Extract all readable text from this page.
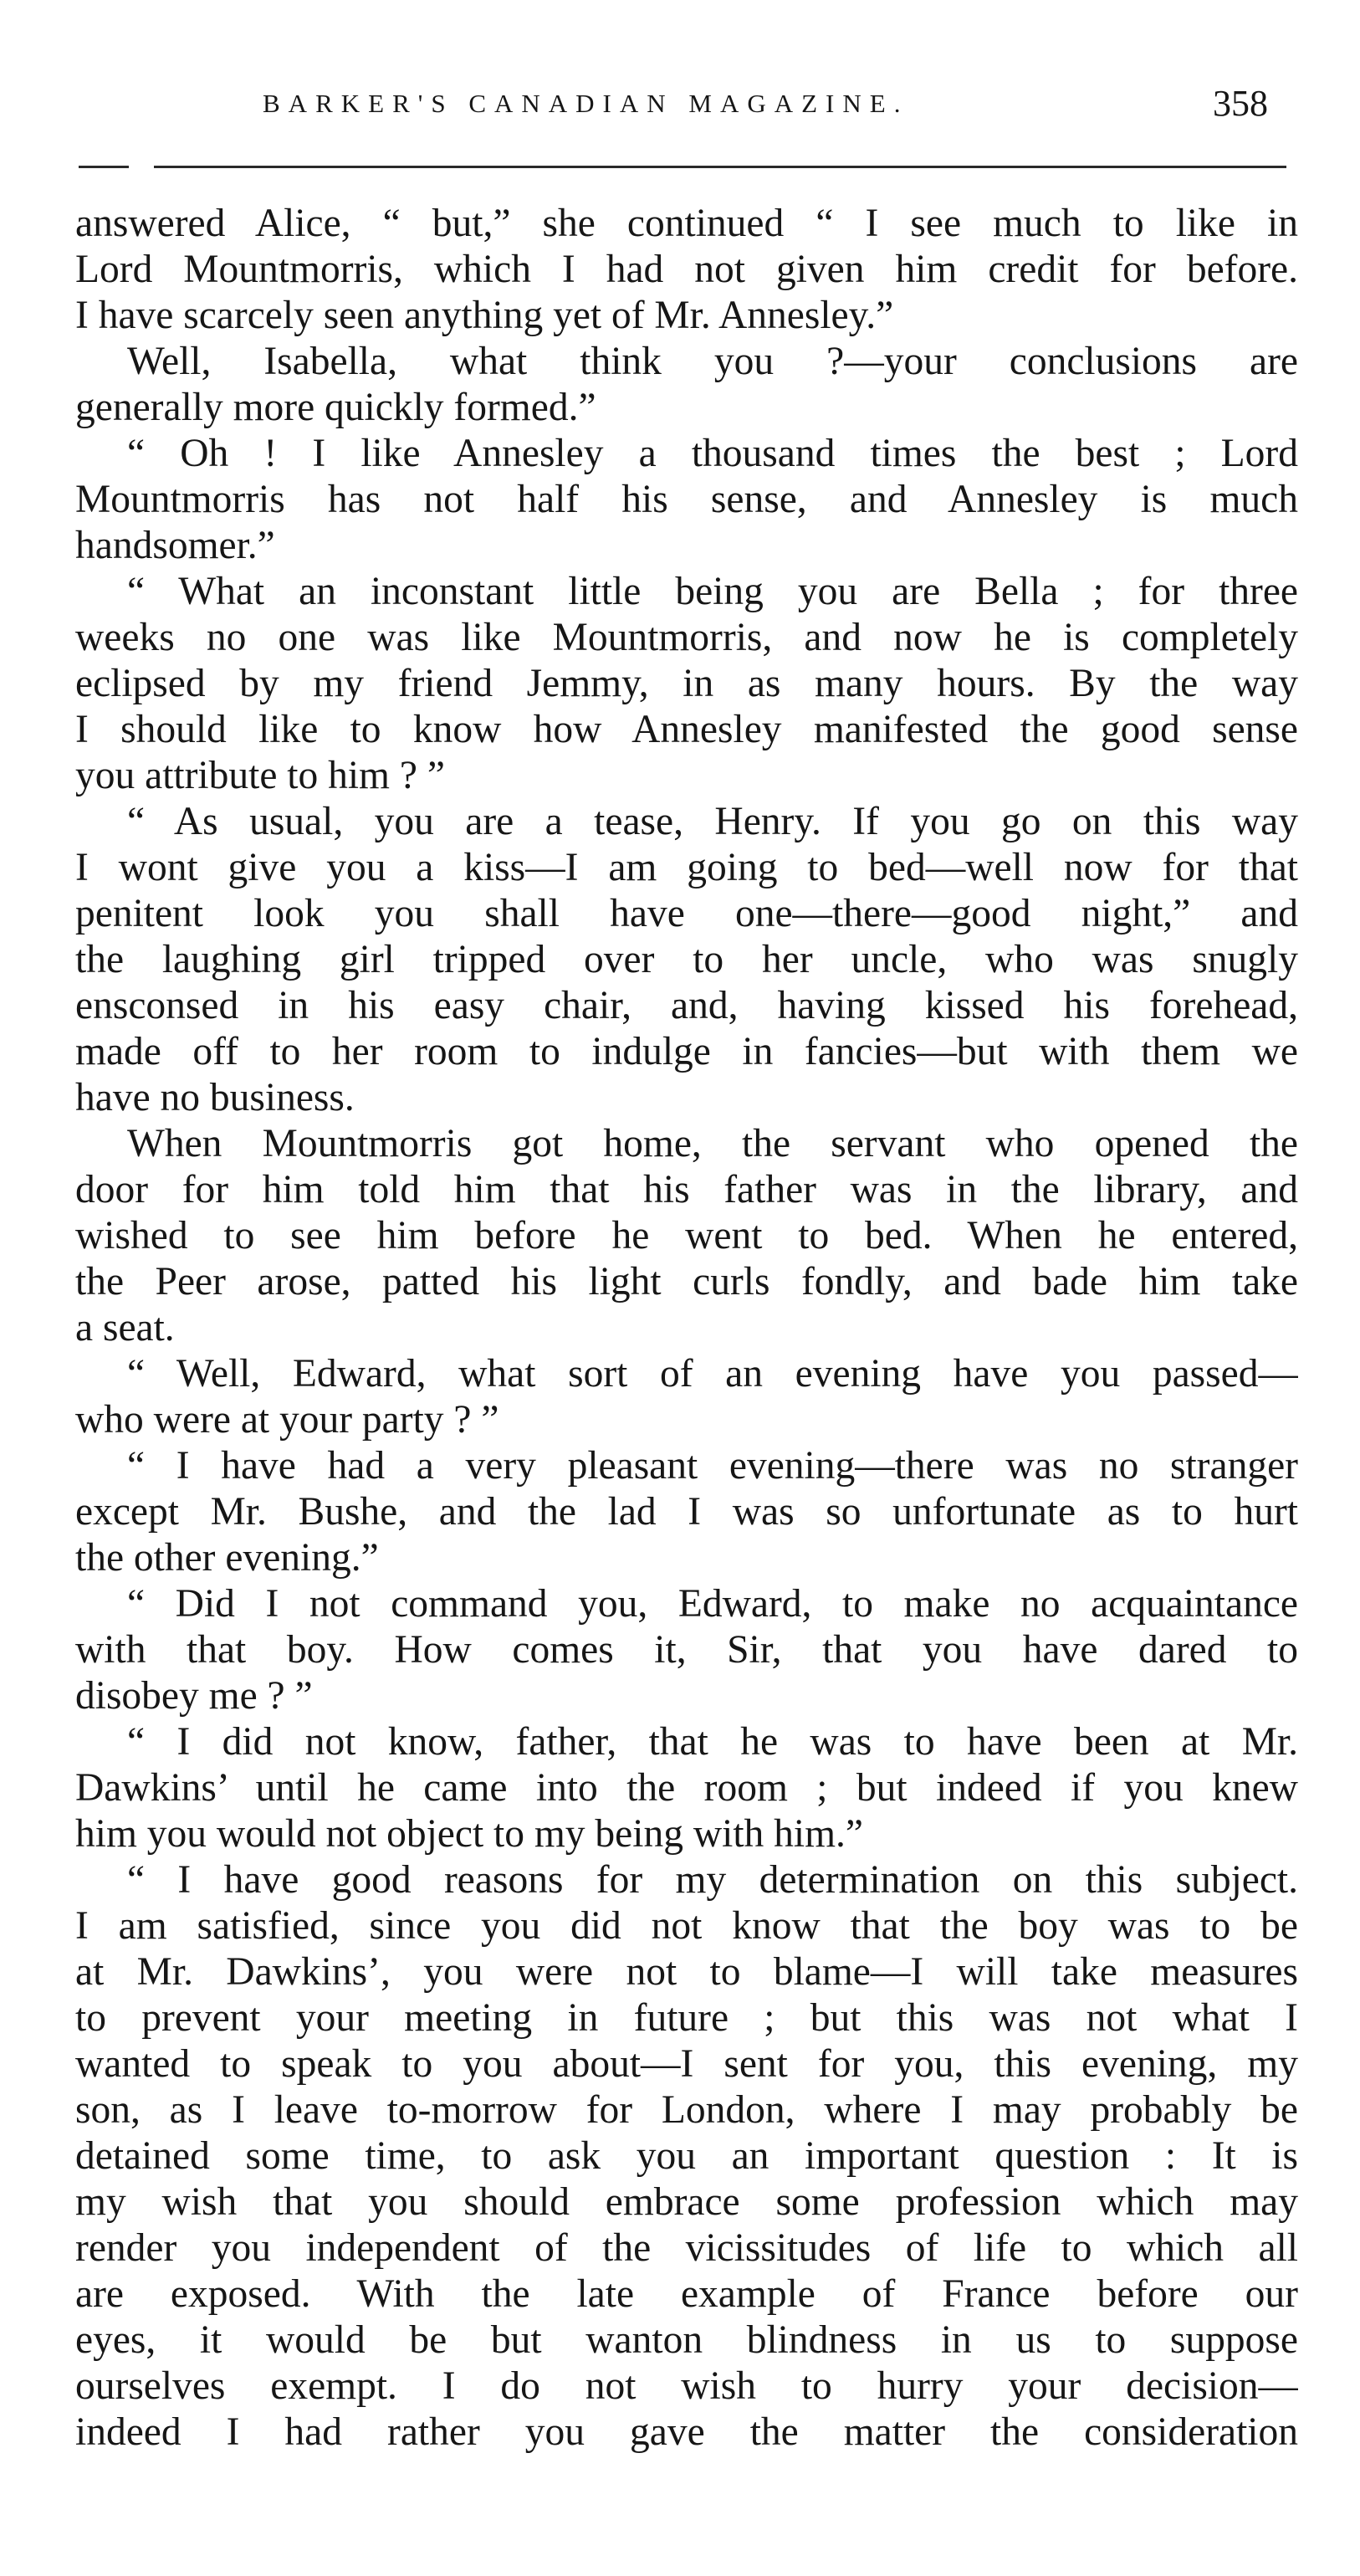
BARKER'S CANADIAN MAGAZINE.	358
answered Alice, “ but,” she continued “ I see much to like in
Lord Mountmorris, which I had not given him credit for before.
I have scarcely seen anything yet of Mr. Annesley.”
Well, Isabella, what think you ?—your conclusions are
generally more quickly formed.”
“ Oh ! I like Annesley a thousand times the best ; Lord
Mountmorris has not half his sense, and Annesley is much
handsomer.”
“ What an inconstant little being you are Bella ; for three
weeks no one was like Mountmorris, and now he is completely
eclipsed by my friend Jemmy, in as many hours. By the way
I should like to know how Annesley manifested the good sense
you attribute to him ? ”
“ As usual, you are a tease, Henry. If you go on this way
I wont give you a kiss—I am going to bed—well now for that
penitent look you shall have one—there—good night,” and
the laughing girl tripped over to her uncle, who was snugly
ensconsed in his easy chair, and, having kissed his forehead,
made off to her room to indulge in fancies—but with them we
have no business.
When Mountmorris got home, the servant who opened the
door for him told him that his father was in the library, and
wished to see him before he went to bed. When he entered,
the Peer arose, patted his light curls fondly, and bade him take
a seat.
“ Well, Edward, what sort of an evening have you passed—
who were at your party ? ”
“ I have had a very pleasant evening—there was no stranger
except Mr. Bushe, and the lad I was so unfortunate as to hurt
the other evening.”
“ Did I not command you, Edward, to make no acquaintance
with that boy. How comes it, Sir, that you have dared to
disobey me ? ”
“ I did not know, father, that he was to have been at Mr.
Dawkins’ until he came into the room ; but indeed if you knew
him you would not object to my being with him.”
“ I have good reasons for my determination on this subject.
I am satisfied, since you did not know that the boy was to be
at Mr. Dawkins’, you were not to blame—I will take measures
to prevent your meeting in future ; but this was not what I
wanted to speak to you about—I sent for you, this evening, my
son, as I leave to-morrow for London, where I may probably be
detained some time, to ask you an important question : It is
my wish that you should embrace some profession which may
render you independent of the vicissitudes of life to which all
are exposed. With the late example of France before our
eyes, it would be but wanton blindness in us to suppose
ourselves exempt. I do not wish to hurry your decision—
indeed I had rather you gave the matter the consideration
